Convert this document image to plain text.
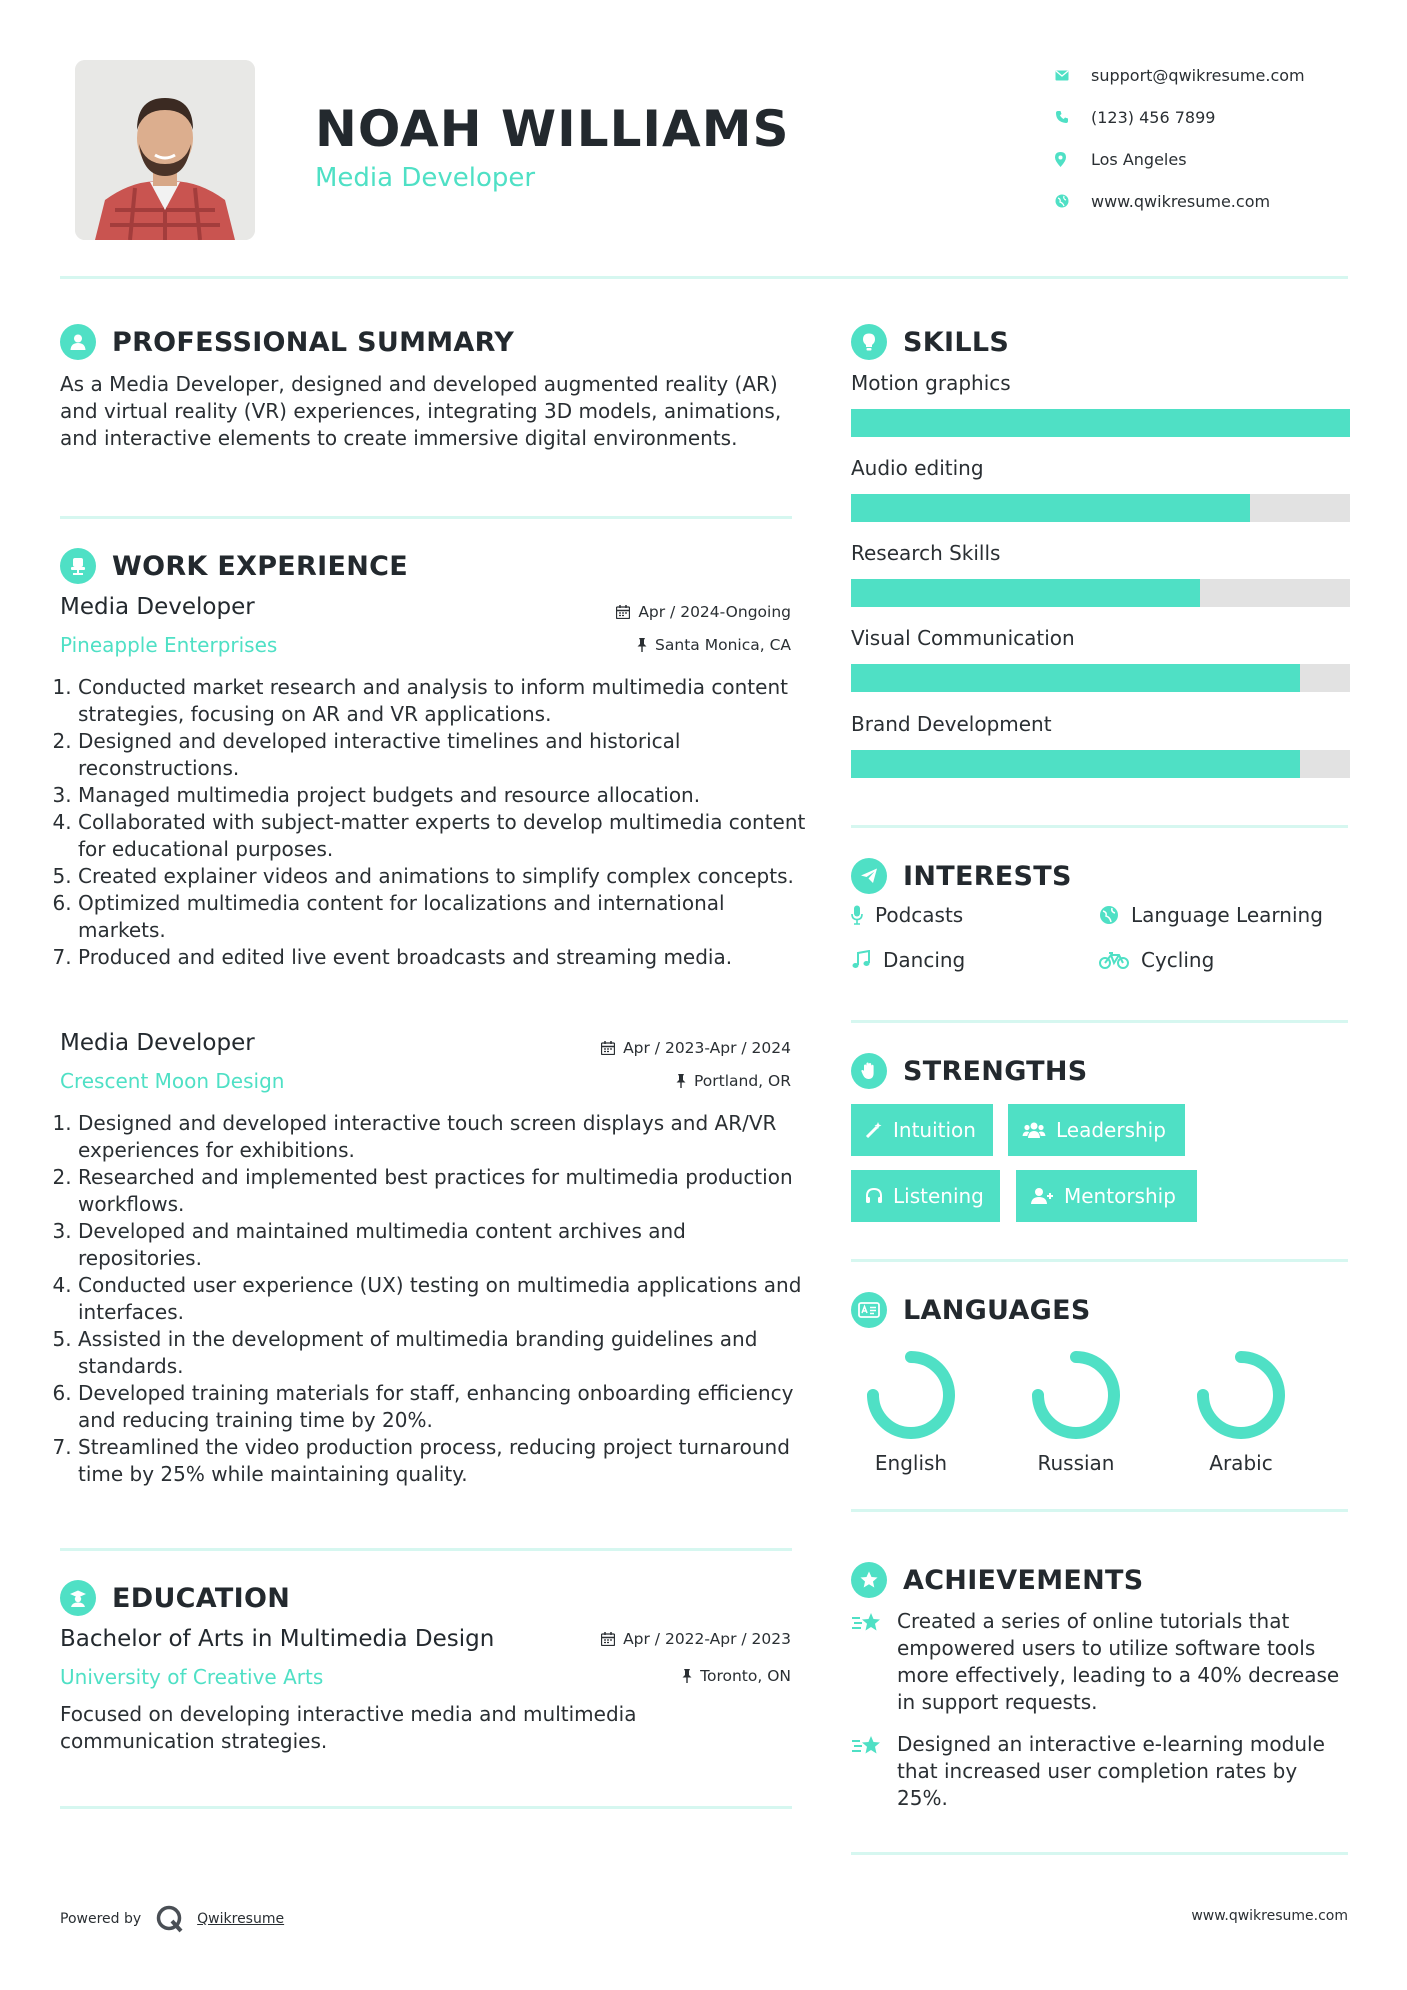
NOAH WILLIAMS
Media Developer
support@qwikresume.com
(123) 456 7899
Los Angeles
www.qwikresume.com
PROFESSIONAL SUMMARY
As a Media Developer, designed and developed augmented reality (AR) and virtual reality (VR) experiences, integrating 3D models, animations, and interactive elements to create immersive digital environments.
WORK EXPERIENCE
Media Developer
Pineapple Enterprises
Apr / 2024-Ongoing
Santa Monica, CA
1. Conducted market research and analysis to inform multimedia content strategies, focusing on AR and VR applications.
2. Designed and developed interactive timelines and historical reconstructions.
3. Managed multimedia project budgets and resource allocation.
4. Collaborated with subject-matter experts to develop multimedia content for educational purposes.
5. Created explainer videos and animations to simplify complex concepts.
6. Optimized multimedia content for localizations and international markets.
7. Produced and edited live event broadcasts and streaming media.
Media Developer
Crescent Moon Design
Apr / 2023-Apr / 2024
Portland, OR
1. Designed and developed interactive touch screen displays and AR/VR experiences for exhibitions.
2. Researched and implemented best practices for multimedia production workflows.
3. Developed and maintained multimedia content archives and repositories.
4. Conducted user experience (UX) testing on multimedia applications and interfaces.
5. Assisted in the development of multimedia branding guidelines and standards.
6. Developed training materials for staff, enhancing onboarding efficiency and reducing training time by 20%.
7. Streamlined the video production process, reducing project turnaround time by 25% while maintaining quality.
EDUCATION
Bachelor of Arts in Multimedia Design
University of Creative Arts
Apr / 2022-Apr / 2023
Toronto, ON
Focused on developing interactive media and multimedia communication strategies.
SKILLS
Motion graphics
Audio editing
Research Skills
Visual Communication
Brand Development
INTERESTS
Podcasts	Language Learning
Dancing	Cycling
STRENGTHS
Intuition	Leadership
Listening	Mentorship
LANGUAGES
English	Russian	Arabic
ACHIEVEMENTS
Created a series of online tutorials that empowered users to utilize software tools more effectively, leading to a 40% decrease in support requests.
Designed an interactive e-learning module that increased user completion rates by 25%.
Powered by	Qwikresume	www.qwikresume.com
